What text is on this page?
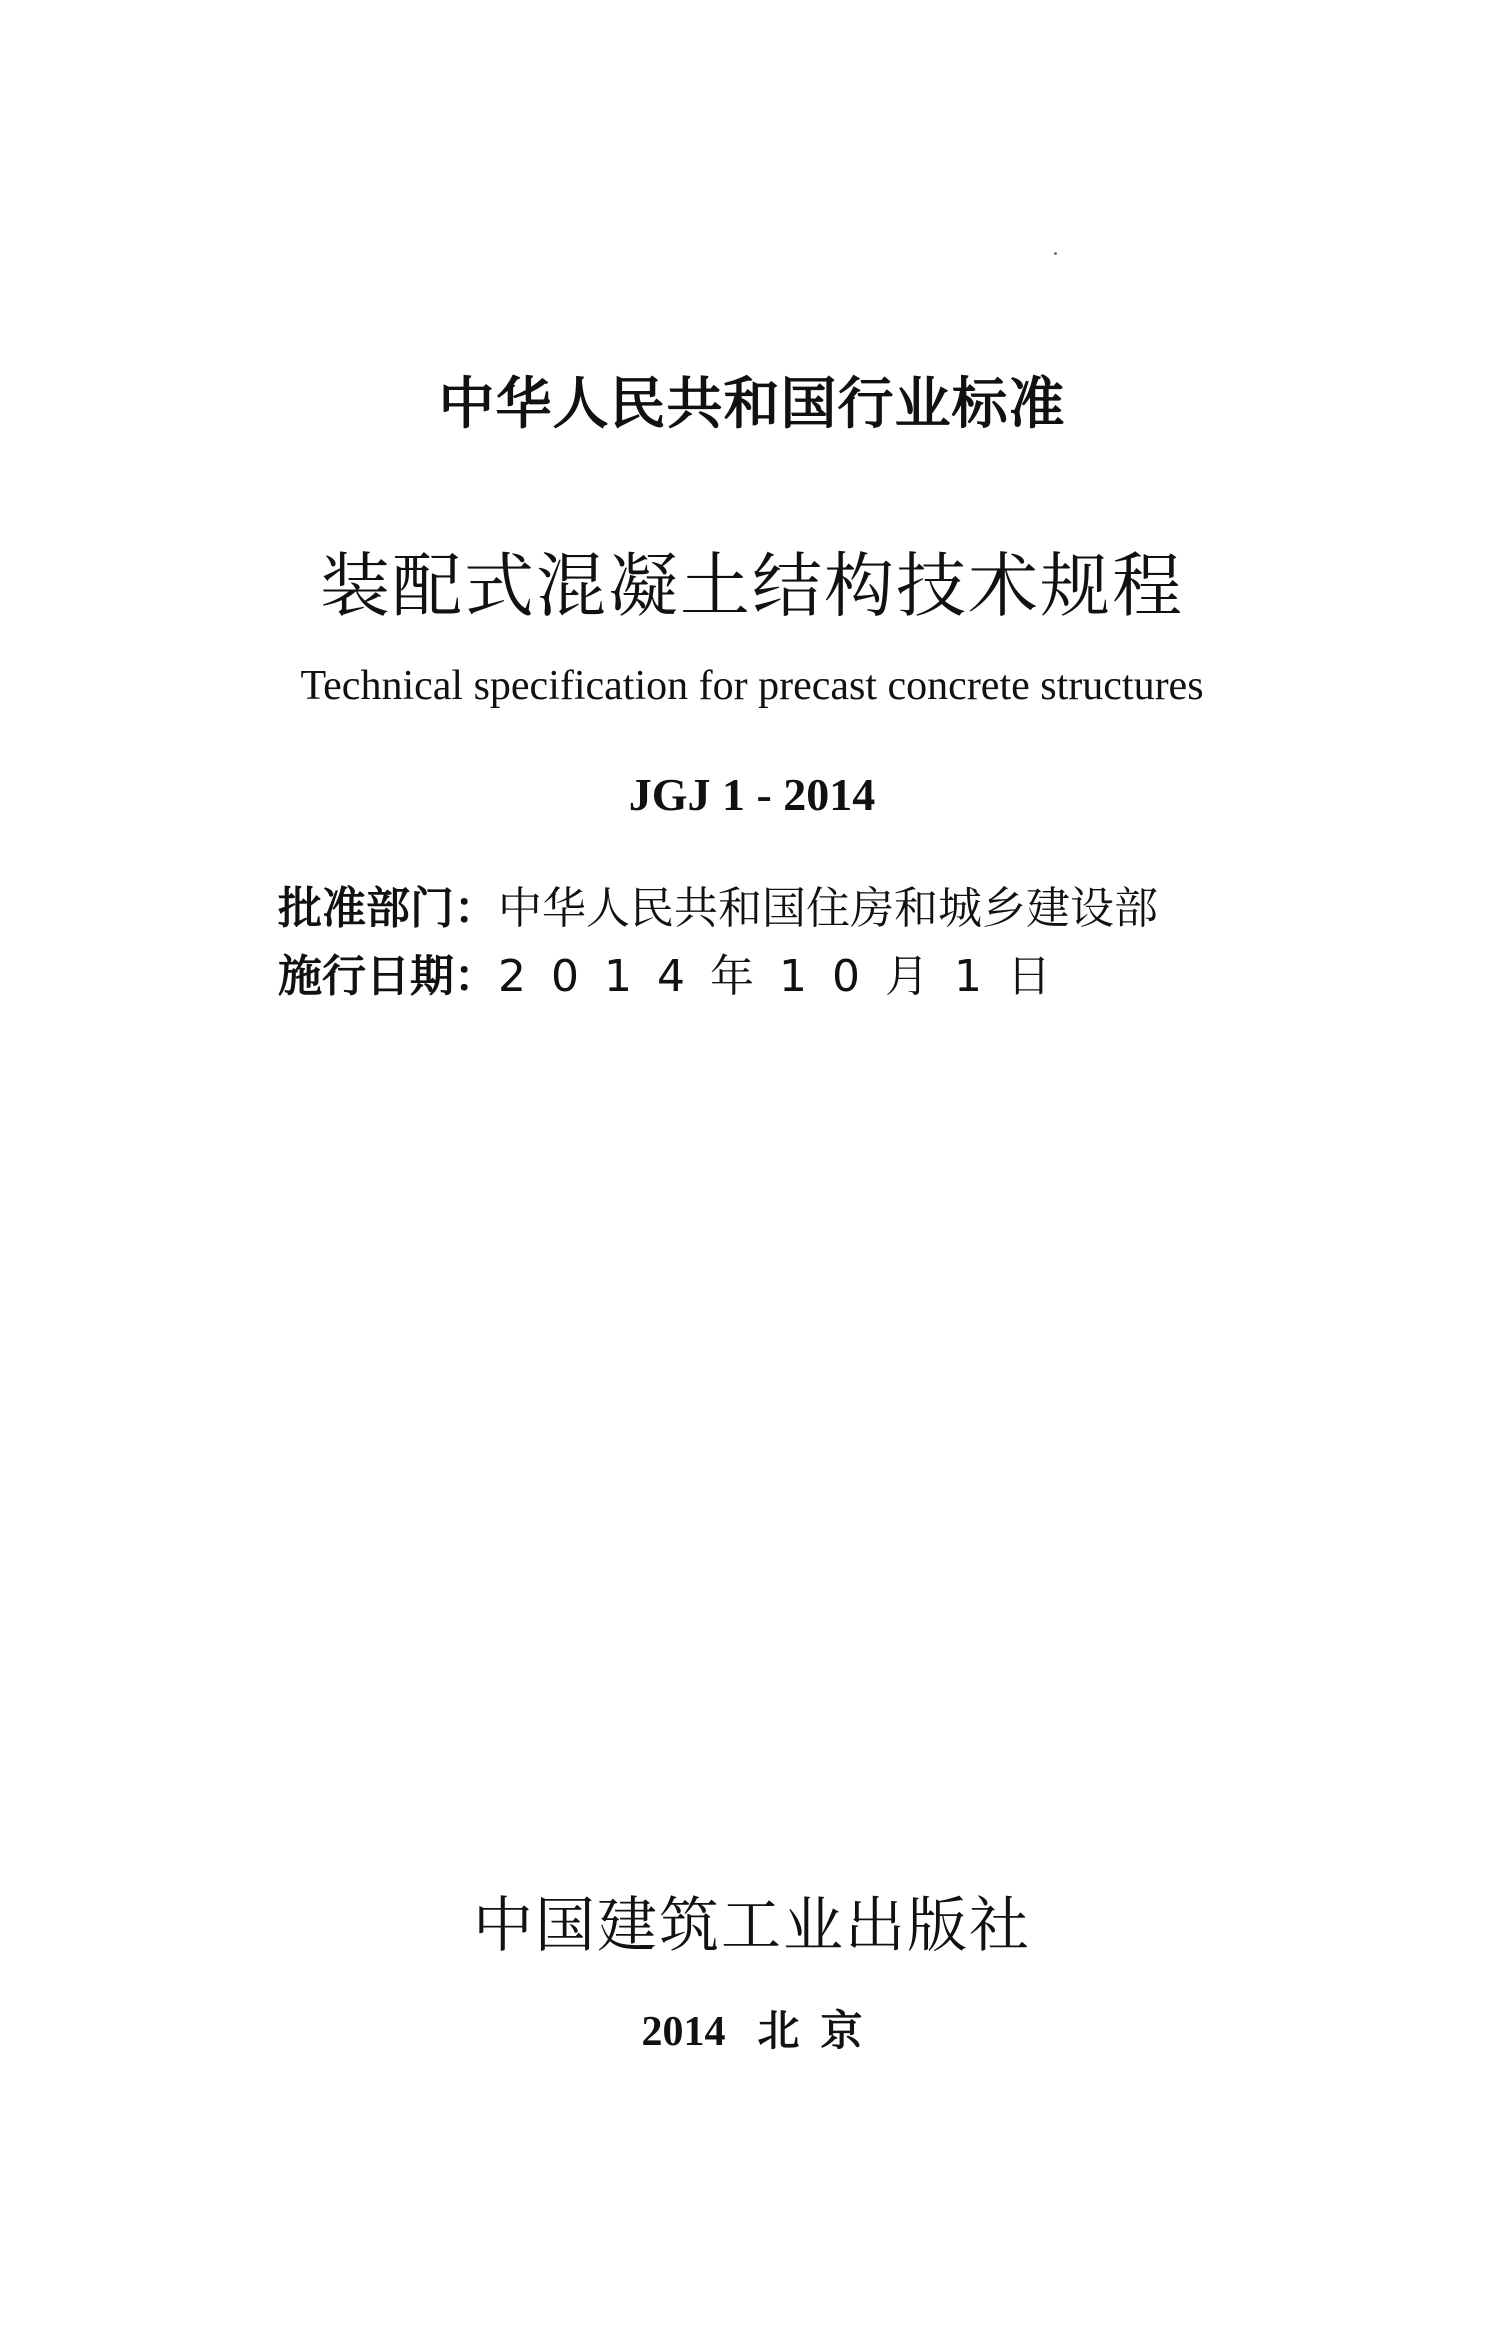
中华人民共和国行业标准
装配式混凝土结构技术规程
Technical specification for precast concrete structures
JGJ 1 - 2014
批准部门：中华人民共和国住房和城乡建设部
施行日期：2014年10月1日
中国建筑工业出版社
2014 北  京
